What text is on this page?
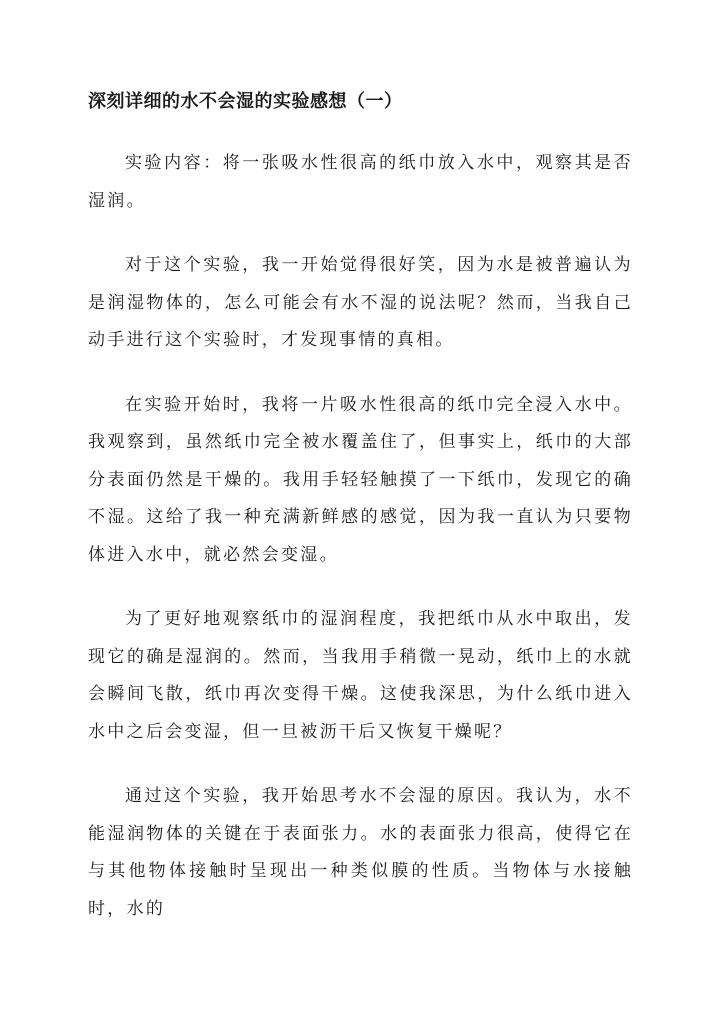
深刻详细的水不会湿的实验感想（一）

实验内容：将一张吸水性很高的纸巾放入水中，观察其是否湿润。

对于这个实验，我一开始觉得很好笑，因为水是被普遍认为是润湿物体的，怎么可能会有水不湿的说法呢？然而，当我自己动手进行这个实验时，才发现事情的真相。

在实验开始时，我将一片吸水性很高的纸巾完全浸入水中。我观察到，虽然纸巾完全被水覆盖住了，但事实上，纸巾的大部分表面仍然是干燥的。我用手轻轻触摸了一下纸巾，发现它的确不湿。这给了我一种充满新鲜感的感觉，因为我一直认为只要物体进入水中，就必然会变湿。

为了更好地观察纸巾的湿润程度，我把纸巾从水中取出，发现它的确是湿润的。然而，当我用手稍微一晃动，纸巾上的水就会瞬间飞散，纸巾再次变得干燥。这使我深思，为什么纸巾进入水中之后会变湿，但一旦被沥干后又恢复干燥呢？

通过这个实验，我开始思考水不会湿的原因。我认为，水不能湿润物体的关键在于表面张力。水的表面张力很高，使得它在与其他物体接触时呈现出一种类似膜的性质。当物体与水接触时，水的
